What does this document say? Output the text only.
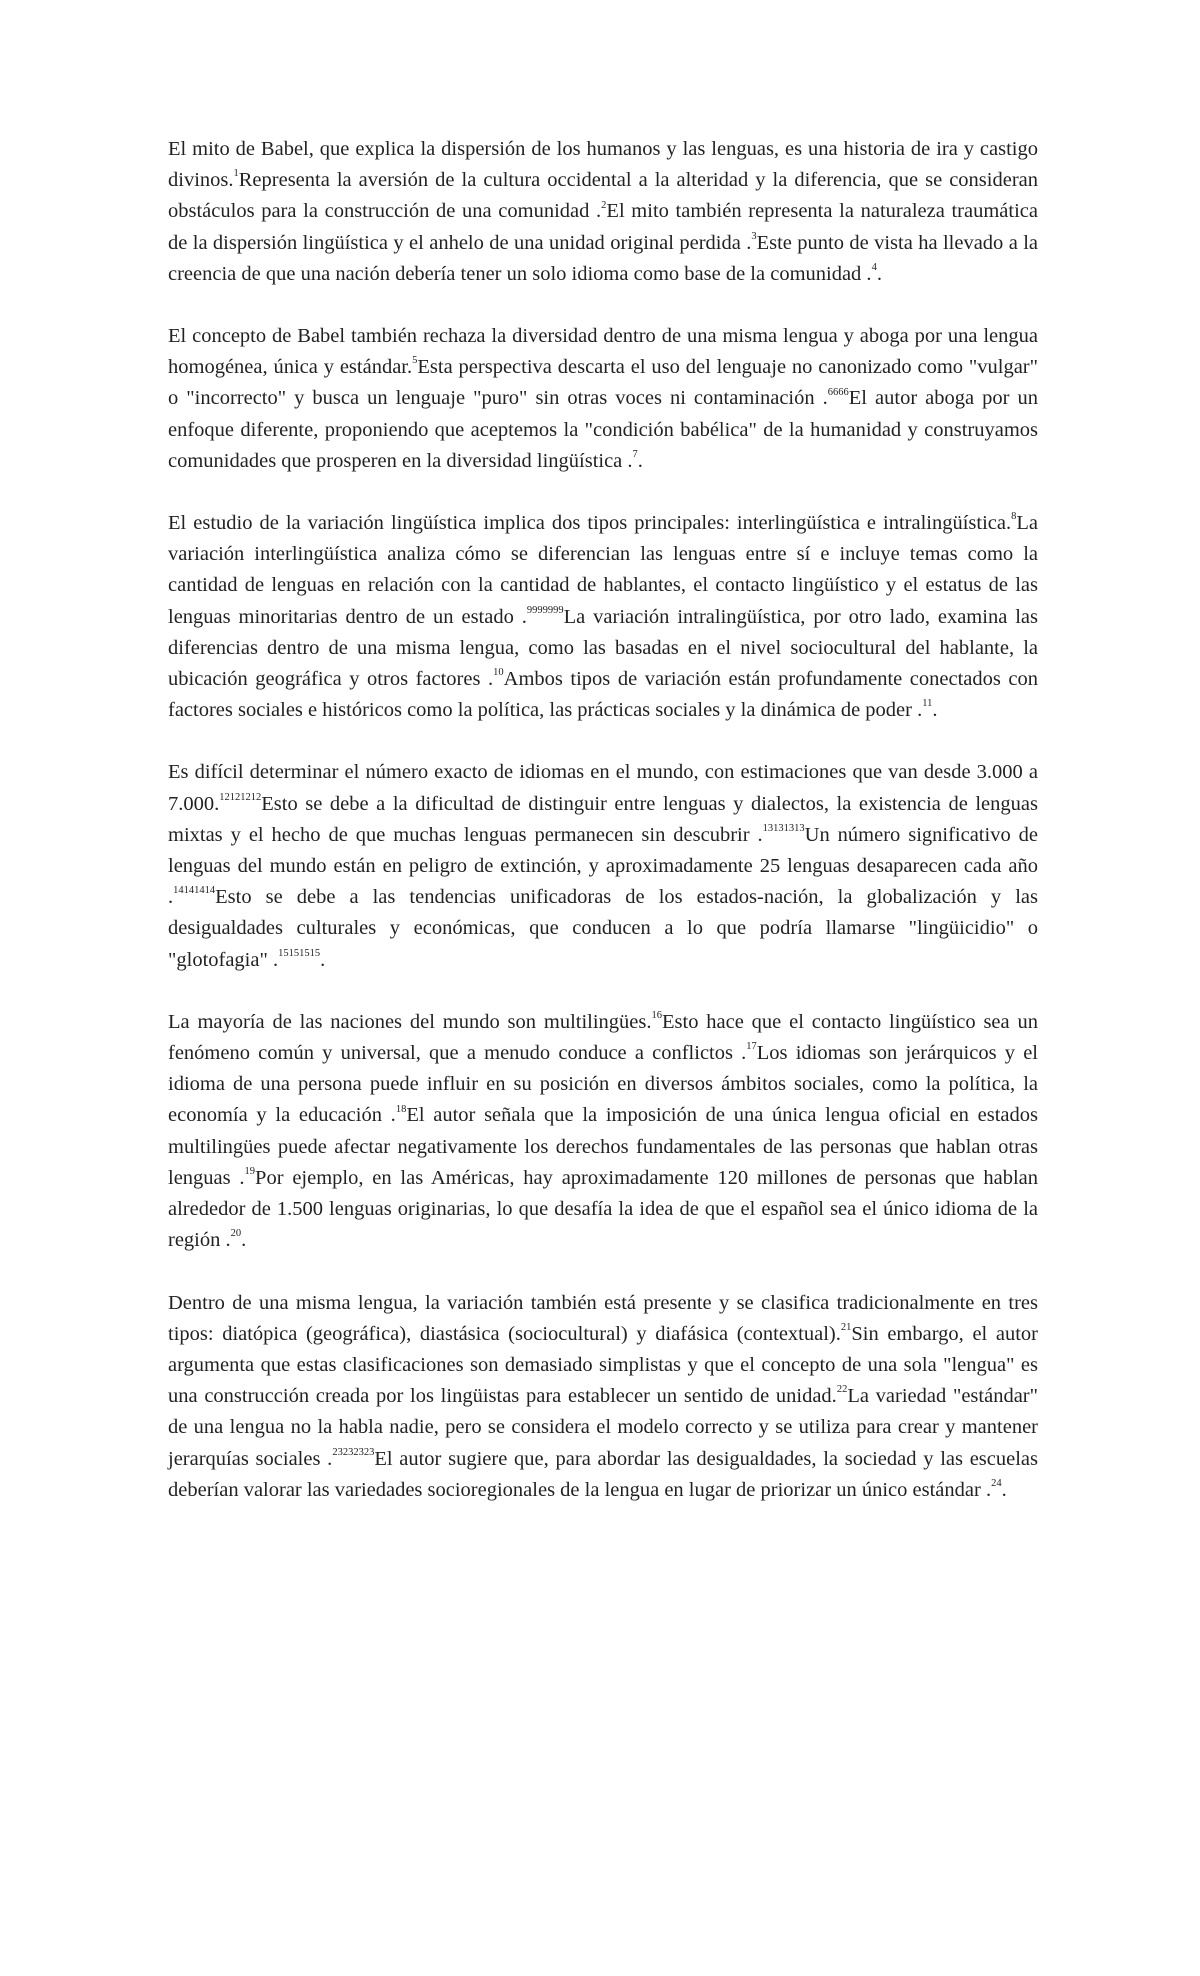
El mito de Babel, que explica la dispersión de los humanos y las lenguas, es una historia de ira y castigo divinos.$^1$Representa la aversión de la cultura occidental a la alteridad y la diferencia, que se consideran obstáculos para la construcción de una comunidad .$^2$El mito también representa la naturaleza traumática de la dispersión lingüística y el anhelo de una unidad original perdida .$^3$Este punto de vista ha llevado a la creencia de que una nación debería tener un solo idioma como base de la comunidad .$^4$.

El concepto de Babel también rechaza la diversidad dentro de una misma lengua y aboga por una lengua homogénea, única y estándar.$^5$Esta perspectiva descarta el uso del lenguaje no canonizado como "vulgar" o "incorrecto" y busca un lenguaje "puro" sin otras voces ni contaminación .$^{6666}$El autor aboga por un enfoque diferente, proponiendo que aceptemos la "condición babélica" de la humanidad y construyamos comunidades que prosperen en la diversidad lingüística .$^7$.

El estudio de la variación lingüística implica dos tipos principales: interlingüística e intralingüística.$^8$La variación interlingüística analiza cómo se diferencian las lenguas entre sí e incluye temas como la cantidad de lenguas en relación con la cantidad de hablantes, el contacto lingüístico y el estatus de las lenguas minoritarias dentro de un estado .$^{9999999}$La variación intralingüística, por otro lado, examina las diferencias dentro de una misma lengua, como las basadas en el nivel sociocultural del hablante, la ubicación geográfica y otros factores .$^{10}$Ambos tipos de variación están profundamente conectados con factores sociales e históricos como la política, las prácticas sociales y la dinámica de poder .$^{11}$.

Es difícil determinar el número exacto de idiomas en el mundo, con estimaciones que van desde 3.000 a 7.000.$^{12121212}$Esto se debe a la dificultad de distinguir entre lenguas y dialectos, la existencia de lenguas mixtas y el hecho de que muchas lenguas permanecen sin descubrir .$^{13131313}$Un número significativo de lenguas del mundo están en peligro de extinción, y aproximadamente 25 lenguas desaparecen cada año .$^{14141414}$Esto se debe a las tendencias unificadoras de los estados-nación, la globalización y las desigualdades culturales y económicas, que conducen a lo que podría llamarse "lingüicidio" o "glotofagia" .$^{15151515}$.

La mayoría de las naciones del mundo son multilingües.$^{16}$Esto hace que el contacto lingüístico sea un fenómeno común y universal, que a menudo conduce a conflictos .$^{17}$Los idiomas son jerárquicos y el idioma de una persona puede influir en su posición en diversos ámbitos sociales, como la política, la economía y la educación .$^{18}$El autor señala que la imposición de una única lengua oficial en estados multilingües puede afectar negativamente los derechos fundamentales de las personas que hablan otras lenguas .$^{19}$Por ejemplo, en las Américas, hay aproximadamente 120 millones de personas que hablan alrededor de 1.500 lenguas originarias, lo que desafía la idea de que el español sea el único idioma de la región .$^{20}$.

Dentro de una misma lengua, la variación también está presente y se clasifica tradicionalmente en tres tipos: diatópica (geográfica), diastásica (sociocultural) y diafásica (contextual).$^{21}$Sin embargo, el autor argumenta que estas clasificaciones son demasiado simplistas y que el concepto de una sola "lengua" es una construcción creada por los lingüistas para establecer un sentido de unidad.$^{22}$La variedad "estándar" de una lengua no la habla nadie, pero se considera el modelo correcto y se utiliza para crear y mantener jerarquías sociales .$^{23232323}$El autor sugiere que, para abordar las desigualdades, la sociedad y las escuelas deberían valorar las variedades socioregionales de la lengua en lugar de priorizar un único estándar .$^{24}$.
